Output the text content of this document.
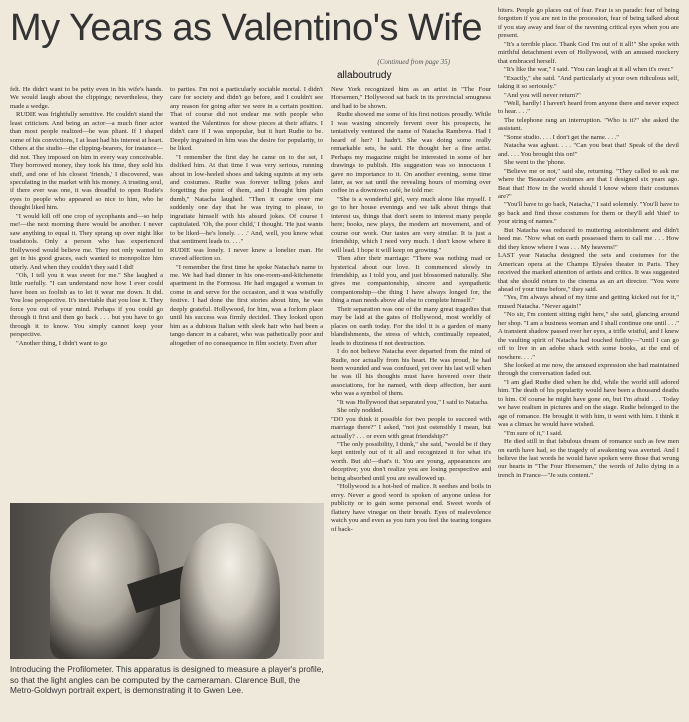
My Years as Valentino's Wife
(Continued from page 35)
allaboutrudy

felt. He didn't want to be petty even in his wife's hands. We would laugh about the clippings; nevertheless, they made a wedge.

RUDIE was frightfully sensitive. He couldn't stand the least criticism. And being an actor—a much finer actor than most people realized—he was pliant. If I shaped some of his convictions, I at least had his interest at heart. Others at the studio—the clipping-bearers, for instance—did not. They imposed on him in every way conceivable. They borrowed money, they took his time, they sold his stuff, and one of his closest 'friends,' I discovered, was speculating in the market with his money. A trusting soul, if there ever was one, it was dreadful to open Rudie's eyes to people who appeared so nice to him, who he thought liked him.

"I would kill off one crop of sycophants and—so help me!—the next morning there would be another. I never saw anything to equal it. They sprang up over night like toadstools. Only a person who has experienced Hollywood would believe me. They not only wanted to get in his good graces, each wanted to monopolize him utterly. And when they couldn't they said I did!

"Oh, I tell you it was sweet for me." She laughed a little ruefully. "I can understand now how I ever could have been so foolish as to let it wear me down. It did. You lose perspective. It's inevitable that you lose it. They force you out of your mind. Perhaps if you could go through it first and then go back . . . but you have to go through it to know. You simply cannot keep your perspective.

"Another thing, I didn't want to go

to parties. I'm not a particularly sociable mortal. I didn't care for society and didn't go before, and I couldn't see any reason for going after we were in a certain position. That of course did not endear me with people who wanted the Valentinos for show pieces at their affairs. I didn't care if I was unpopular, but it hurt Rudie to be. Deeply ingrained in him was the desire for popularity, to be liked.

"I remember the first day he came on to the set, I disliked him. At that time I was very serious, running about in low-heeled shoes and taking squints at my sets and costumes. Rudie was forever telling jokes and forgetting the point of them, and I thought him plain dumb," Natacha laughed. "Then it came over me suddenly one day that he was trying to please, to ingratiate himself with his absurd jokes. Of course I capitulated. 'Oh, the poor child,' I thought. 'He just wants to be liked—he's lonely. . . .' And, well, you know what that sentiment leads to. . . ."

RUDIE was lonely. I never knew a lonelier man. He craved affection so.

"I remember the first time he spoke Natacha's name to me. We had had dinner in his one-room-and-kitchenette apartment in the Formosa. He had engaged a woman to come in and serve for the occasion, and it was wistfully festive. I had done the first stories about him, he was deeply grateful. Hollywood, for him, was a forlorn place until his success was firmly decided. They looked upon him as a dubious Italian with sleek hair who had been a tango dancer in a cabaret, who was pathetically poor and altogether of no consequence in film society. Even after

New York recognized him as an artist in "The Four Horsemen," Hollywood sat back in its provincial smugness and had to be shown.

Rudie showed me some of his first notices proudly. While I was waxing sincerely fervent over his prospects, he tentatively ventured the name of Natacha Rambova. Had I heard of her? I hadn't. She was doing some really remarkable sets, he said. He thought her a fine artist. Perhaps my magazine might be interested in some of her drawings to publish. His suggestion was so innocuous I gave no importance to it. On another evening, some time later, as we sat until the revealing hours of morning over coffee in a downtown café, he told me:

"She is a wonderful girl, very much alone like myself. I go to her house evenings and we talk about things that interest us, things that don't seem to interest many people here; books, new plays, the modern art movement, and of course our work. Our tastes are very similar. It is just a friendship, which I need very much. I don't know where it will lead. I hope it will keep on growing."

Then after their marriage: "There was nothing mad or hysterical about our love. It commenced slowly in friendship, as I told you, and just blossomed naturally. She gives me companionship, sincere and sympathetic companionship—the thing I have always longed for, the thing a man needs above all else to complete himself."

Their separation was one of the many great tragedies that may be laid at the gates of Hollywood, most worldly of places on earth today. For the idol it is a garden of many blandishments, the stress of which, continually repeated, leads to dizziness if not destruction.

I do not believe Natacha ever departed from the mind of Rudie, nor actually from his heart. He was proud, he had been wounded and was confused, yet over his last will when he was ill his thoughts must have hovered over their associations, for he named, with deep affection, her aunt who was a symbol of them.

"It was Hollywood that separated you," I said to Natacha.

She only nodded.

"DO you think it possible for two people to succeed with marriage there?" I asked, "not just ostensibly I mean, but actually? . . . or even with great friendship?"

"The only possibility, I think," she said, "would be if they kept entirely out of it all and recognized it for what it's worth. But ah!—that's it. You are young, appearances are deceptive; you don't realize you are losing perspective and being absorbed until you are swallowed up.

"Hollywood is a hot-bed of malice. It seethes and boils in envy. Never a good word is spoken of anyone unless for publicity or to gain some personal end. Sweet words of flattery have vinegar on their breath. Eyes of malevolence watch you and even as you turn you feel the tearing tongues of back-

biters. People go places out of fear. Fear is so parade: fear of being forgotten if you are not in the procession, fear of being talked about if you stay away and fear of the ravening critical eyes when you are present.

"It's a terrible place. Thank God I'm out of it all!" She spoke with mirthful detachment even of Hollywood, with an amused mockery that embraced herself.

"It's like the war," I said. "You can laugh at it all when it's over."

"Exactly," she said. "And particularly at your own ridiculous self, taking it so seriously."

"And you will never return?"

"Well, hardly! I haven't heard from anyone there and never expect to hear. . . ."

The telephone rang an interruption. "Who is it?" she asked the assistant.

"Some studio. . . . I don't get the name. . . ."

Natacha was aghast. . . . "Can you beat that! Speak of the devil and. . . . You brought this on!"

She went to the 'phone.

"Believe me or not," said she, returning. "They called to ask me where the 'Beaucaire' costumes are that I designed six years ago. Beat that! How in the world should I know where their costumes are?"

"You'll have to go back, Natacha," I said solemnly. "You'll have to go back and find those costumes for them or they'll add 'thief' to your string of names."

But Natacha was reduced to muttering astonishment and didn't heed me. "Now what on earth possessed them to call me . . . How did they know where I was . . . My heavens!"

LAST year Natacha designed the sets and costumes for the American opera at the Champs Elysées theater in Paris. They received the marked attention of artists and critics. It was suggested that she should return to the cinema as an art director. "You were ahead of your time before," they said.

"Yes, I'm always ahead of my time and getting kicked out for it," mused Natacha. "Never again!"

"No sir, I'm content sitting right here," she said, glancing around her shop. "I am a business woman and I shall continue one until . . ." A transient shadow passed over her eyes, a trifle wistful, and I knew the vaulting spirit of Natacha had touched futility—"until I can go off to live in an adobe shack with some books, at the end of nowhere. . . ."

She looked at me now, the amused expression she had maintained through the conversation faded out.

"I am glad Rudie died when he did, while the world still adored him. The death of his popularity would have been a thousand deaths to him. Of course he might have gone on, but I'm afraid . . . Today we have realism in pictures and on the stage. Rudie belonged to the age of romance. He brought it with him, it went with him. I think it was a climax he would have wished.

"I'm sure of it," I said.

He died still in that fabulous dream of romance such as few men on earth have had, so the tragedy of awakening was averted. And I believe the last words he would have spoken were those that wrung our hearts in "The Four Horsemen," the words of Julio dying in a trench in France—"Je suis content."

Introducing the Profilometer. This apparatus is designed to measure a player's profile, so that the light angles can be computed by the cameraman. Clarence Bull, the Metro-Goldwyn portrait expert, is demonstrating it to Gwen Lee.
